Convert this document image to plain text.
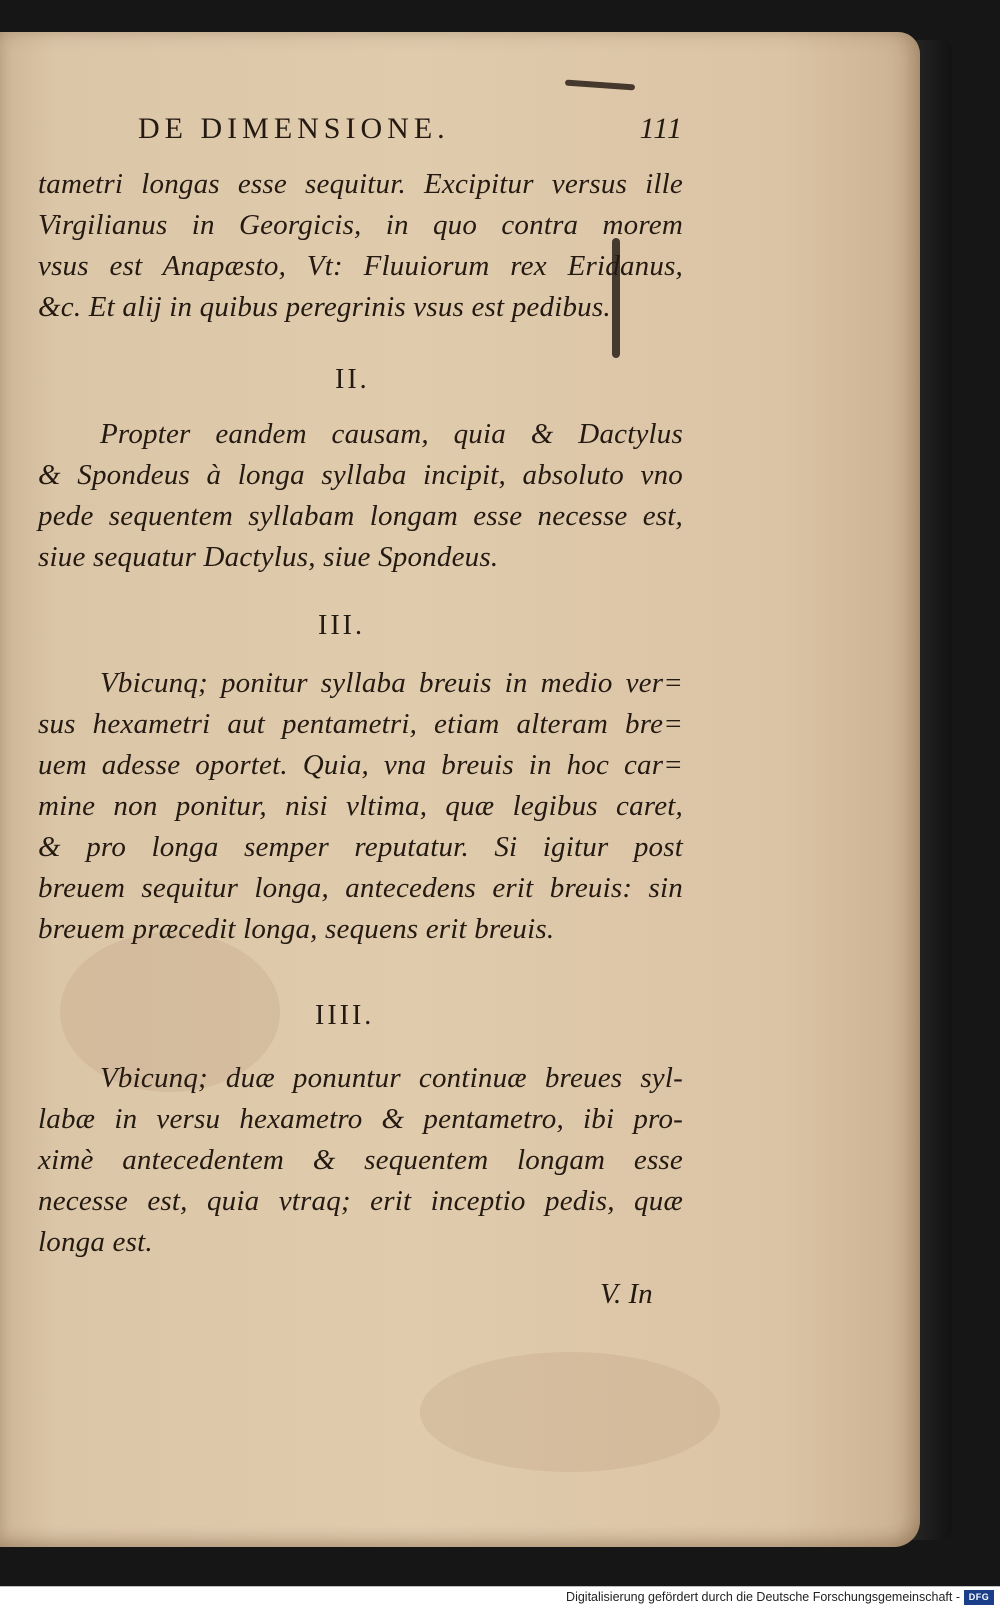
DE DIMENSIONE.	111
tametri longas esse sequitur. Excipitur versus ille
Virgilianus in Georgicis, in quo contra morem
vsus est Anapæsto, Vt: Fluuiorum rex Eridanus,
&c. Et alij in quibus peregrinis vsus est pedibus.
II.
Propter eandem causam, quia & Dactylus
& Spondeus à longa syllaba incipit, absoluto vno
pede sequentem syllabam longam esse necesse est,
siue sequatur Dactylus, siue Spondeus.
III.
Vbicunq; ponitur syllaba breuis in medio ver=
sus hexametri aut pentametri, etiam alteram bre=
uem adesse oportet. Quia, vna breuis in hoc car=
mine non ponitur, nisi vltima, quæ legibus caret,
& pro longa semper reputatur. Si igitur post
breuem sequitur longa, antecedens erit breuis: sin
breuem præcedit longa, sequens erit breuis.
IIII.
Vbicunq; duæ ponuntur continuæ breues syl-
labæ in versu hexametro & pentametro, ibi pro-
ximè antecedentem & sequentem longam esse
necesse est, quia vtraq; erit inceptio pedis, quæ
longa est.
V. In
Digitalisierung gefördert durch die Deutsche Forschungsgemeinschaft - DFG
